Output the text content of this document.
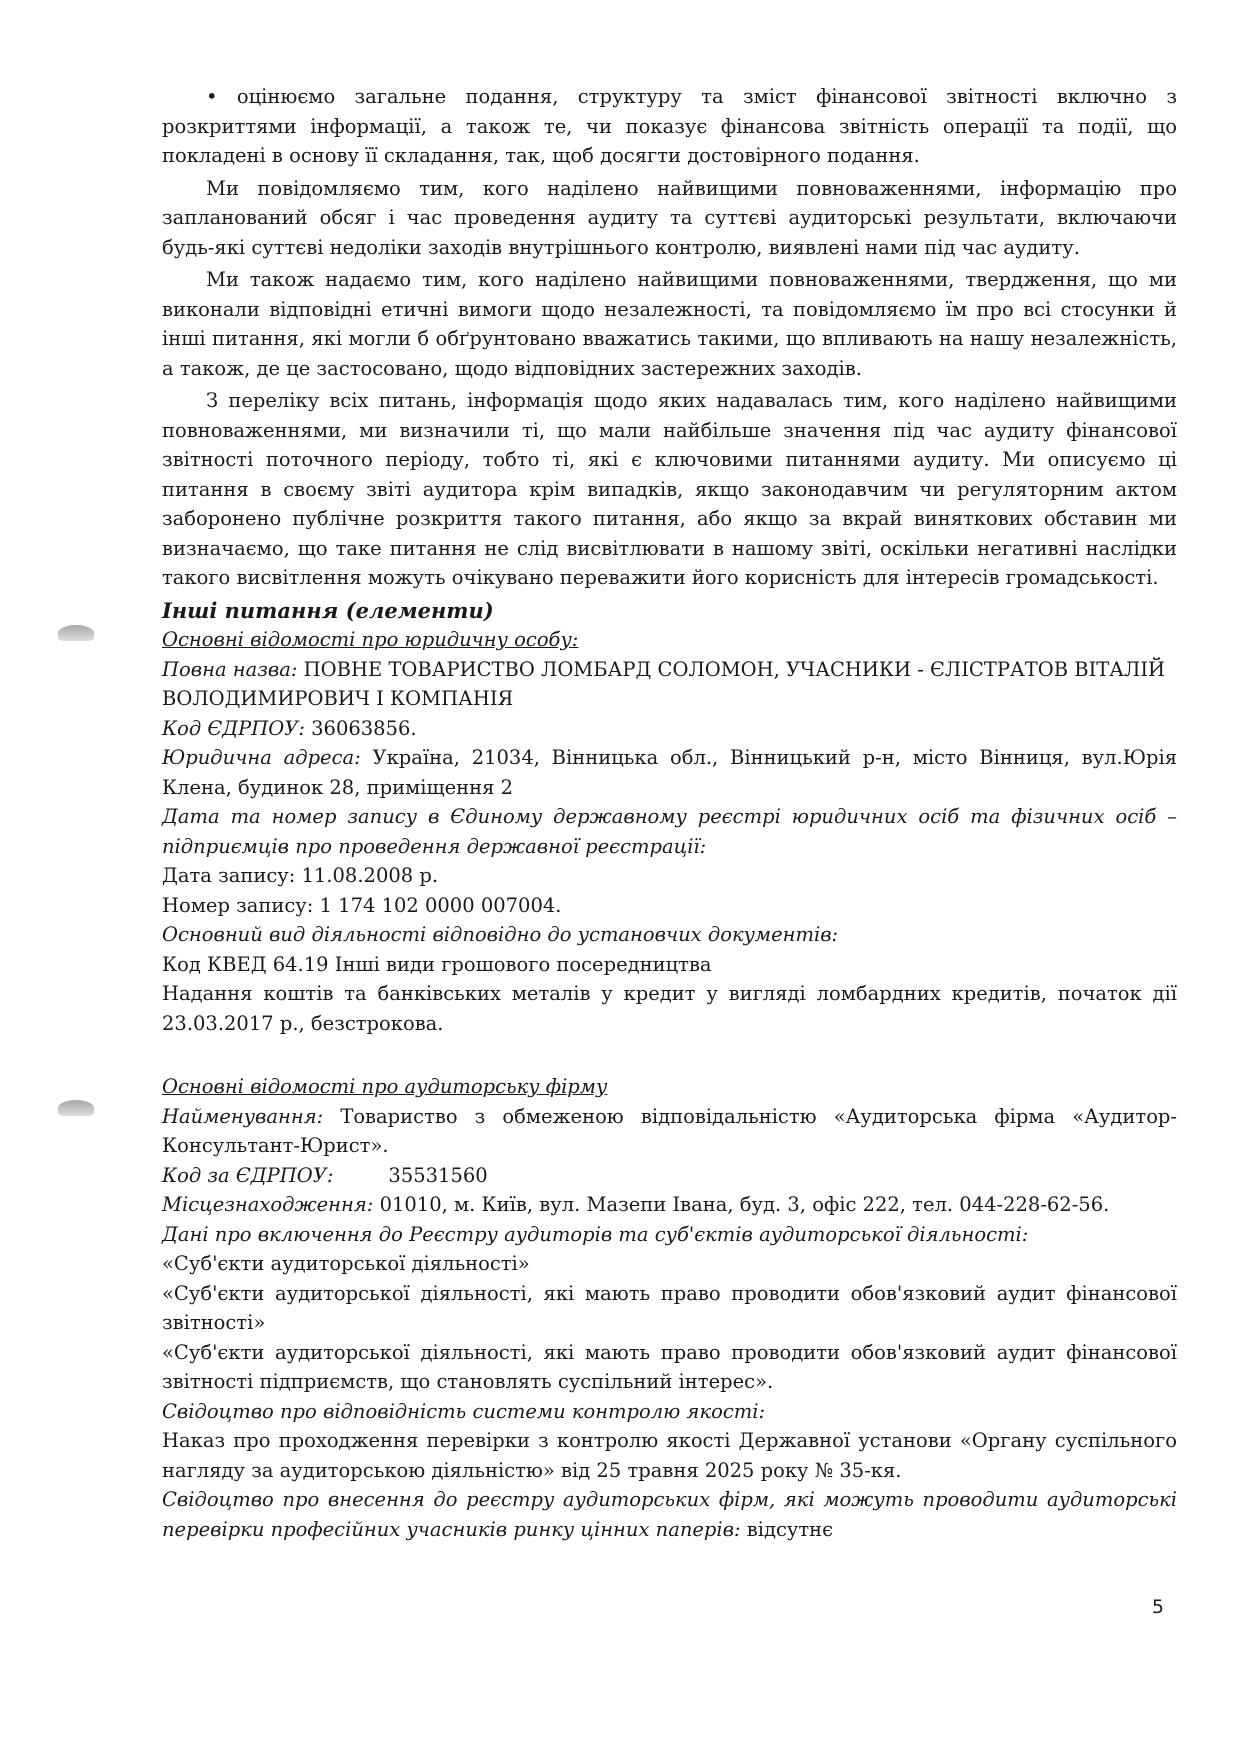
• оцінюємо загальне подання, структуру та зміст фінансової звітності включно з розкриттями інформації, а також те, чи показує фінансова звітність операції та події, що покладені в основу її складання, так, щоб досягти достовірного подання.

Ми повідомляємо тим, кого наділено найвищими повноваженнями, інформацію про запланований обсяг і час проведення аудиту та суттєві аудиторські результати, включаючи будь-які суттєві недоліки заходів внутрішнього контролю, виявлені нами під час аудиту.

Ми також надаємо тим, кого наділено найвищими повноваженнями, твердження, що ми виконали відповідні етичні вимоги щодо незалежності, та повідомляємо їм про всі стосунки й інші питання, які могли б обґрунтовано вважатись такими, що впливають на нашу незалежність, а також, де це застосовано, щодо відповідних застережних заходів.

З переліку всіх питань, інформація щодо яких надавалась тим, кого наділено найвищими повноваженнями, ми визначили ті, що мали найбільше значення під час аудиту фінансової звітності поточного періоду, тобто ті, які є ключовими питаннями аудиту. Ми описуємо ці питання в своєму звіті аудитора крім випадків, якщо законодавчим чи регуляторним актом заборонено публічне розкриття такого питання, або якщо за вкрай виняткових обставин ми визначаємо, що таке питання не слід висвітлювати в нашому звіті, оскільки негативні наслідки такого висвітлення можуть очікувано переважити його корисність для інтересів громадськості.

Інші питання (елементи)

Основні відомості про юридичну особу:

Повна назва: ПОВНЕ ТОВАРИСТВО ЛОМБАРД СОЛОМОН, УЧАСНИКИ - ЄЛІСТРАТОВ ВІТАЛІЙ ВОЛОДИМИРОВИЧ І КОМПАНІЯ

Код ЄДРПОУ: 36063856.

Юридична адреса: Україна, 21034, Вінницька обл., Вінницький р-н, місто Вінниця, вул.Юрія Клена, будинок 28, приміщення 2

Дата та номер запису в Єдиному державному реєстрі юридичних осіб та фізичних осіб – підприємців про проведення державної реєстрації:

Дата запису: 11.08.2008 р.

Номер запису: 1 174 102 0000 007004.

Основний вид діяльності відповідно до установчих документів:

Код КВЕД 64.19 Інші види грошового посередництва

Надання коштів та банківських металів у кредит у вигляді ломбардних кредитів, початок дії 23.03.2017 р., безстрокова.

Основні відомості про аудиторську фірму

Найменування: Товариство з обмеженою відповідальністю «Аудиторська фірма «Аудитор-Консультант-Юрист».

Код за ЄДРПОУ:	35531560

Місцезнаходження: 01010, м. Київ, вул. Мазепи Івана, буд. 3, офіс 222, тел. 044-228-62-56.

Дані про включення до Реєстру аудиторів та суб'єктів аудиторської діяльності:

«Суб'єкти аудиторської діяльності»

«Суб'єкти аудиторської діяльності, які мають право проводити обов'язковий аудит фінансової звітності»

«Суб'єкти аудиторської діяльності, які мають право проводити обов'язковий аудит фінансової звітності підприємств, що становлять суспільний інтерес».

Свідоцтво про відповідність системи контролю якості:

Наказ про проходження перевірки з контролю якості Державної установи «Органу суспільного нагляду за аудиторською діяльністю» від 25 травня 2025 року № 35-кя.

Свідоцтво про внесення до реєстру аудиторських фірм, які можуть проводити аудиторські перевірки професійних учасників ринку цінних паперів: відсутнє

5
